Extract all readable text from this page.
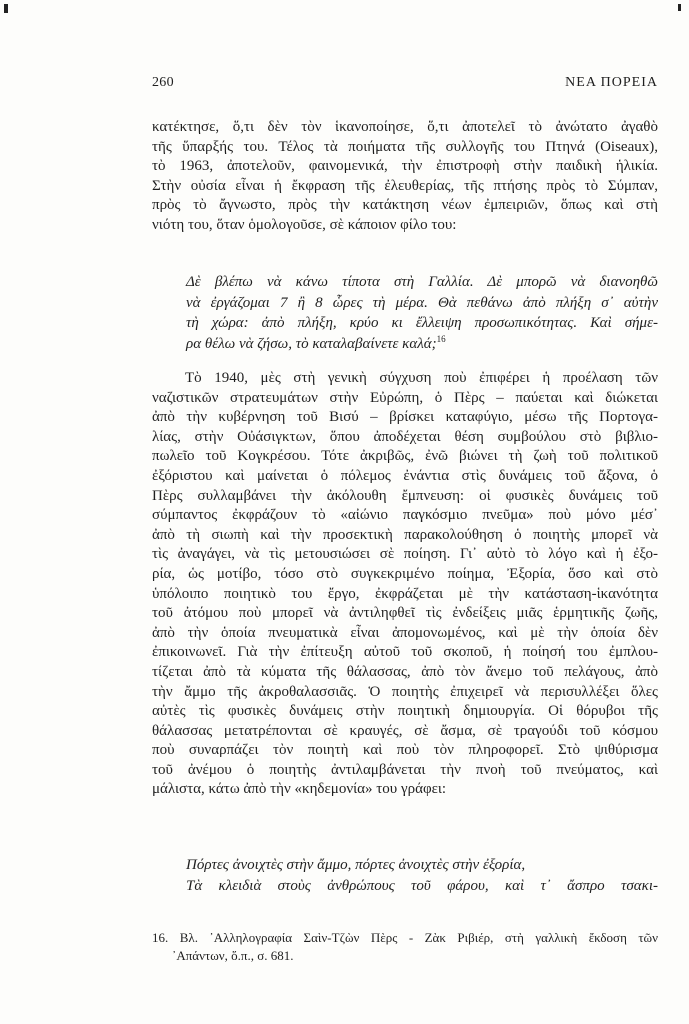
260	ΝΕΑ ΠΟΡΕΙΑ
κατέκτησε, ὅ,τι δὲν τὸν ἱκανοποίησε, ὅ,τι ἀποτελεῖ τὸ ἀνώτατο ἀγαθὸ
τῆς ὕπαρξής του. Τέλος τὰ ποιήματα τῆς συλλογῆς του Πτηνά (Oiseaux),
τὸ 1963, ἀποτελοῦν, φαινομενικά, τὴν ἐπιστροφὴ στὴν παιδικὴ ἡλικία.
Στὴν οὐσία εἶναι ἡ ἔκφραση τῆς ἐλευθερίας, τῆς πτήσης πρὸς τὸ Σύμπαν,
πρὸς τὸ ἄγνωστο, πρὸς τὴν κατάκτηση νέων ἐμπειριῶν, ὅπως καὶ στὴ
νιότη του, ὅταν ὁμολογοῦσε, σὲ κάποιον φίλο του:
Δὲ βλέπω νὰ κάνω τίποτα στὴ Γαλλία. Δὲ μπορῶ νὰ διανοηθῶ
νὰ ἐργάζομαι 7 ἢ 8 ὧρες τὴ μέρα. Θὰ πεθάνω ἀπὸ πλήξη σ᾿ αὐτὴν
τὴ χώρα: ἀπὸ πλήξη, κρύο κι ἔλλειψη προσωπικότητας. Καὶ σήμε-
ρα θέλω νὰ ζήσω, τὸ καταλαβαίνετε καλά;$^{16}$
Τὸ 1940, μὲς στὴ γενικὴ σύγχυση ποὺ ἐπιφέρει ἡ προέλαση τῶν
ναζιστικῶν στρατευμάτων στὴν Εὐρώπη, ὁ Πὲρς – παύεται καὶ διώκεται
ἀπὸ τὴν κυβέρνηση τοῦ Βισύ – βρίσκει καταφύγιο, μέσω τῆς Πορτογα-
λίας, στὴν Οὐάσιγκτων, ὅπου ἀποδέχεται θέση συμβούλου στὸ βιβλιο-
πωλεῖο τοῦ Κογκρέσου. Τότε ἀκριβῶς, ἐνῶ βιώνει τὴ ζωὴ τοῦ πολιτικοῦ
ἐξόριστου καὶ μαίνεται ὁ πόλεμος ἐνάντια στὶς δυνάμεις τοῦ ἄξονα, ὁ
Πὲρς συλλαμβάνει τὴν ἀκόλουθη ἔμπνευση: οἱ φυσικὲς δυνάμεις τοῦ
σύμπαντος ἐκφράζουν τὸ «αἰώνιο παγκόσμιο πνεῦμα» ποὺ μόνο μέσ᾿
ἀπὸ τὴ σιωπὴ καὶ τὴν προσεκτικὴ παρακολούθηση ὁ ποιητὴς μπορεῖ νὰ
τὶς ἀναγάγει, νὰ τὶς μετουσιώσει σὲ ποίηση. Γι᾿ αὐτὸ τὸ λόγο καὶ ἡ ἐξο-
ρία, ὡς μοτίβο, τόσο στὸ συγκεκριμένο ποίημα, Ἐξορία, ὅσο καὶ στὸ
ὑπόλοιπο ποιητικὸ του ἔργο, ἐκφράζεται μὲ τὴν κατάσταση-ἱκανότητα
τοῦ ἀτόμου ποὺ μπορεῖ νὰ ἀντιληφθεῖ τὶς ἐνδείξεις μιᾶς ἑρμητικῆς ζωῆς,
ἀπὸ τὴν ὁποία πνευματικὰ εἶναι ἀπομονωμένος, καὶ μὲ τὴν ὁποία δὲν
ἐπικοινωνεῖ. Γιὰ τὴν ἐπίτευξη αὐτοῦ τοῦ σκοποῦ, ἡ ποίησή του ἐμπλου-
τίζεται ἀπὸ τὰ κύματα τῆς θάλασσας, ἀπὸ τὸν ἄνεμο τοῦ πελάγους, ἀπὸ
τὴν ἄμμο τῆς ἀκροθαλασσιᾶς. Ὁ ποιητὴς ἐπιχειρεῖ νὰ περισυλλέξει ὅλες
αὐτὲς τὶς φυσικὲς δυνάμεις στὴν ποιητικὴ δημιουργία. Οἱ θόρυβοι τῆς
θάλασσας μετατρέπονται σὲ κραυγές, σὲ ἄσμα, σὲ τραγούδι τοῦ κόσμου
ποὺ συναρπάζει τὸν ποιητὴ καὶ ποὺ τὸν πληροφορεῖ. Στὸ ψιθύρισμα
τοῦ ἀνέμου ὁ ποιητὴς ἀντιλαμβάνεται τὴν πνοὴ τοῦ πνεύματος, καὶ
μάλιστα, κάτω ἀπὸ τὴν «κηδεμονία» του γράφει:
Πόρτες ἀνοιχτὲς στὴν ἄμμο, πόρτες ἀνοιχτὲς στὴν ἐξορία,
Τὰ κλειδιὰ στοὺς ἀνθρώπους τοῦ φάρου, καὶ τ᾿ ἄσπρο τσακι-
16. Βλ. ᾿Αλληλογραφία Σαὶν-Τζὼν Πὲρς - Ζὰκ Ριβιέρ, στὴ γαλλικὴ ἔκδοση τῶν
᾿Απάντων, ὅ.π., σ. 681.
